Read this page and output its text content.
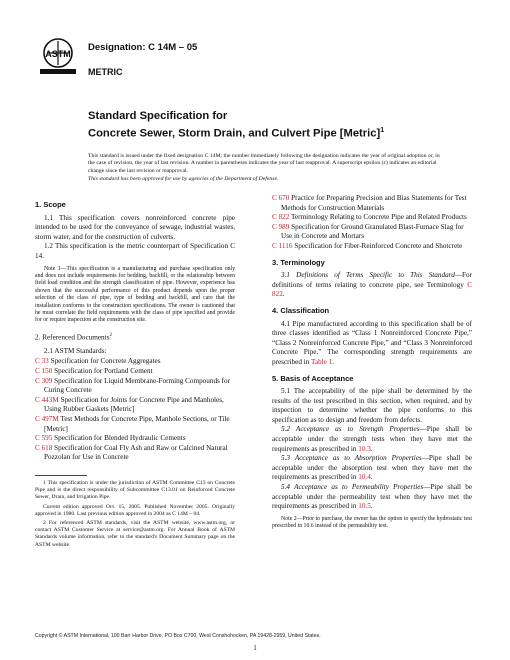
ASTM
Designation: C 14M – 05
METRIC
Standard Specification for
Concrete Sewer, Storm Drain, and Culvert Pipe [Metric]$^1$
This standard is issued under the fixed designation C 14M; the number immediately following the designation indicates the year of original adoption or, in the case of revision, the year of last revision. A number in parentheses indicates the year of last reapproval. A superscript epsilon (ε) indicates an editorial change since the last revision or reapproval.
This standard has been approved for use by agencies of the Department of Defense.
1. Scope

1.1 This specification covers nonreinforced concrete pipe intended to be used for the conveyance of sewage, industrial wastes, storm water, and for the construction of culverts.

1.2 This specification is the metric counterpart of Specification C 14.

Note 1—This specification is a manufacturing and purchase specification only and does not include requirements for bedding, backfill, or the relationship between field load condition and the strength classification of pipe. However, experience has shown that the successful performance of this product depends upon the proper selection of the class of pipe, type of bedding and backfill, and care that the installation conforms to the construction specifications. The owner is cautioned that he must correlate the field requirements with the class of pipe specified and provide for or require inspection at the construction site.
2. Referenced Documents$^2$
2.1 ASTM Standards:
C 33 Specification for Concrete Aggregates
C 150 Specification for Portland Cement
C 309 Specification for Liquid Membrane-Forming Compounds for Curing Concrete
C 443M Specification for Joints for Concrete Pipe and Manholes, Using Rubber Gaskets [Metric]
C 497M Test Methods for Concrete Pipe, Manhole Sections, or Tile [Metric]
C 595 Specification for Blended Hydraulic Cements
C 618 Specification for Coal Fly Ash and Raw or Calcined Natural Pozzolan for Use in Concrete
1 This specification is under the jurisdiction of ASTM Committee C13 on Concrete Pipe and is the direct responsibility of Subcommittee C13.01 on Reinforced Concrete Sewer, Drain, and Irrigation Pipe.
Current edition approved Oct. 15, 2005. Published November 2005. Originally approved in 1980. Last previous edition approved in 2004 as C 14M – 04.
2 For referenced ASTM standards, visit the ASTM website, www.astm.org, or contact ASTM Customer Service at service@astm.org. For Annual Book of ASTM Standards volume information, refer to the standard's Document Summary page on the ASTM website.
C 670 Practice for Preparing Precision and Bias Statements for Test Methods for Construction Materials
C 822 Terminology Relating to Concrete Pipe and Related Products
C 989 Specification for Ground Granulated Blast-Furnace Slag for Use in Concrete and Mortars
C 1116 Specification for Fiber-Reinforced Concrete and Shotcrete
3. Terminology

3.1 Definitions of Terms Specific to This Standard—For definitions of terms relating to concrete pipe, see Terminology C 822.

4. Classification

4.1 Pipe manufactured according to this specification shall be of three classes identified as “Class 1 Nonreinforced Concrete Pipe,” “Class 2 Nonreinforced Concrete Pipe,” and “Class 3 Nonreinforced Concrete Pipe.” The corresponding strength requirements are prescribed in Table 1.

5. Basis of Acceptance

5.1 The acceptability of the pipe shall be determined by the results of the test prescribed in this section, when required, and by inspection to determine whether the pipe conforms to this specification as to design and freedom from defects.

5.2 Acceptance as to Strength Properties—Pipe shall be acceptable under the strength tests when they have met the requirements as prescribed in 10.3.

5.3 Acceptance as to Absorption Properties—Pipe shall be acceptable under the absorption test when they have met the requirements as prescribed in 10.4.

5.4 Acceptance as to Permeability Properties—Pipe shall be acceptable under the permeability test when they have met the requirements as prescribed in 10.5.

Note 2—Prior to purchase, the owner has the option to specify the hydrostatic test prescribed in 10.6 instead of the permeability test.
Copyright © ASTM International, 100 Barr Harbor Drive, PO Box C700, West Conshohocken, PA 19428-2959, United States.
1
